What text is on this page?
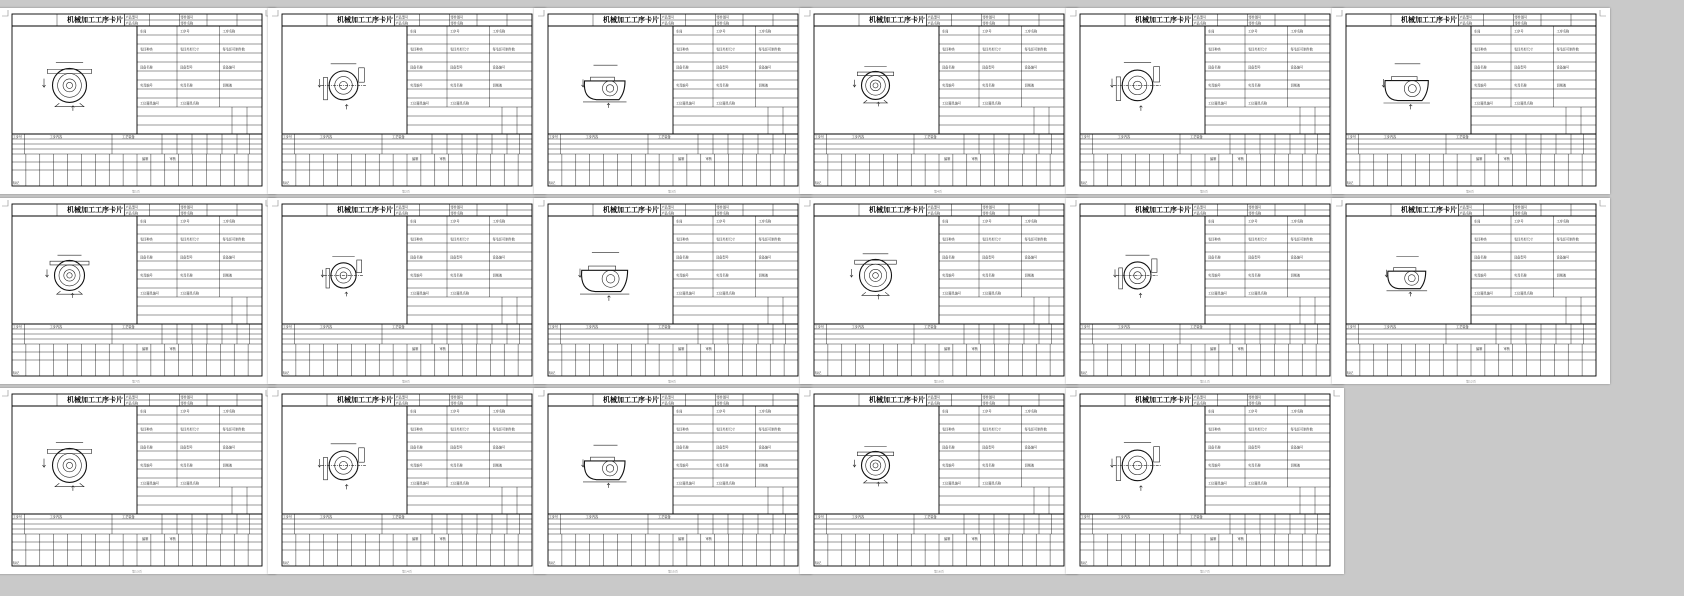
机械加工工序卡片 产品型号
产品名称
零件图号
零件名称
车间	工序号	工序名称
毛坯种类	毛坯外形尺寸	每毛坯可制件数
设备名称	设备型号	设备编号
夹具编号	夹具名称	切削液
工位器具编号	工位器具名称
工步号	工步内容	工艺装备
编制	审核
标记
第1页
机械加工工序卡片 产品型号
产品名称
零件图号
零件名称
车间	工序号	工序名称
毛坯种类	毛坯外形尺寸	每毛坯可制件数
设备名称	设备型号	设备编号
夹具编号	夹具名称	切削液
工位器具编号	工位器具名称
工步号	工步内容	工艺装备
编制	审核
标记
第2页
机械加工工序卡片 产品型号
产品名称
零件图号
零件名称
车间	工序号	工序名称
毛坯种类	毛坯外形尺寸	每毛坯可制件数
设备名称	设备型号	设备编号
夹具编号	夹具名称	切削液
工位器具编号	工位器具名称
工步号	工步内容	工艺装备
编制	审核
标记
第3页
机械加工工序卡片 产品型号
产品名称
零件图号
零件名称
车间	工序号	工序名称
毛坯种类	毛坯外形尺寸	每毛坯可制件数
设备名称	设备型号	设备编号
夹具编号	夹具名称	切削液
工位器具编号	工位器具名称
工步号	工步内容	工艺装备
编制	审核
标记
第4页
机械加工工序卡片 产品型号
产品名称
零件图号
零件名称
车间	工序号	工序名称
毛坯种类	毛坯外形尺寸	每毛坯可制件数
设备名称	设备型号	设备编号
夹具编号	夹具名称	切削液
工位器具编号	工位器具名称
工步号	工步内容	工艺装备
编制	审核
标记
第5页
机械加工工序卡片 产品型号
产品名称
零件图号
零件名称
车间	工序号	工序名称
毛坯种类	毛坯外形尺寸	每毛坯可制件数
设备名称	设备型号	设备编号
夹具编号	夹具名称	切削液
工位器具编号	工位器具名称
工步号	工步内容	工艺装备
编制	审核
标记
第6页
机械加工工序卡片 产品型号
产品名称
零件图号
零件名称
车间	工序号	工序名称
毛坯种类	毛坯外形尺寸	每毛坯可制件数
设备名称	设备型号	设备编号
夹具编号	夹具名称	切削液
工位器具编号	工位器具名称
工步号	工步内容	工艺装备
编制	审核
标记
第7页
机械加工工序卡片 产品型号
产品名称
零件图号
零件名称
车间	工序号	工序名称
毛坯种类	毛坯外形尺寸	每毛坯可制件数
设备名称	设备型号	设备编号
夹具编号	夹具名称	切削液
工位器具编号	工位器具名称
工步号	工步内容	工艺装备
编制	审核
标记
第8页
机械加工工序卡片 产品型号
产品名称
零件图号
零件名称
车间	工序号	工序名称
毛坯种类	毛坯外形尺寸	每毛坯可制件数
设备名称	设备型号	设备编号
夹具编号	夹具名称	切削液
工位器具编号	工位器具名称
工步号	工步内容	工艺装备
编制	审核
标记
第9页
机械加工工序卡片 产品型号
产品名称
零件图号
零件名称
车间	工序号	工序名称
毛坯种类	毛坯外形尺寸	每毛坯可制件数
设备名称	设备型号	设备编号
夹具编号	夹具名称	切削液
工位器具编号	工位器具名称
工步号	工步内容	工艺装备
编制	审核
标记
第10页
机械加工工序卡片 产品型号
产品名称
零件图号
零件名称
车间	工序号	工序名称
毛坯种类	毛坯外形尺寸	每毛坯可制件数
设备名称	设备型号	设备编号
夹具编号	夹具名称	切削液
工位器具编号	工位器具名称
工步号	工步内容	工艺装备
编制	审核
标记
第11页
机械加工工序卡片 产品型号
产品名称
零件图号
零件名称
车间	工序号	工序名称
毛坯种类	毛坯外形尺寸	每毛坯可制件数
设备名称	设备型号	设备编号
夹具编号	夹具名称	切削液
工位器具编号	工位器具名称
工步号	工步内容	工艺装备
编制	审核
标记
第12页
机械加工工序卡片 产品型号
产品名称
零件图号
零件名称
车间	工序号	工序名称
毛坯种类	毛坯外形尺寸	每毛坯可制件数
设备名称	设备型号	设备编号
夹具编号	夹具名称	切削液
工位器具编号	工位器具名称
工步号	工步内容	工艺装备
编制	审核
标记
第13页
机械加工工序卡片 产品型号
产品名称
零件图号
零件名称
车间	工序号	工序名称
毛坯种类	毛坯外形尺寸	每毛坯可制件数
设备名称	设备型号	设备编号
夹具编号	夹具名称	切削液
工位器具编号	工位器具名称
工步号	工步内容	工艺装备
编制	审核
标记
第14页
机械加工工序卡片 产品型号
产品名称
零件图号
零件名称
车间	工序号	工序名称
毛坯种类	毛坯外形尺寸	每毛坯可制件数
设备名称	设备型号	设备编号
夹具编号	夹具名称	切削液
工位器具编号	工位器具名称
工步号	工步内容	工艺装备
编制	审核
标记
第15页
机械加工工序卡片 产品型号
产品名称
零件图号
零件名称
车间	工序号	工序名称
毛坯种类	毛坯外形尺寸	每毛坯可制件数
设备名称	设备型号	设备编号
夹具编号	夹具名称	切削液
工位器具编号	工位器具名称
工步号	工步内容	工艺装备
编制	审核
标记
第16页
机械加工工序卡片 产品型号
产品名称
零件图号
零件名称
车间	工序号	工序名称
毛坯种类	毛坯外形尺寸	每毛坯可制件数
设备名称	设备型号	设备编号
夹具编号	夹具名称	切削液
工位器具编号	工位器具名称
工步号	工步内容	工艺装备
编制	审核
标记
第17页
